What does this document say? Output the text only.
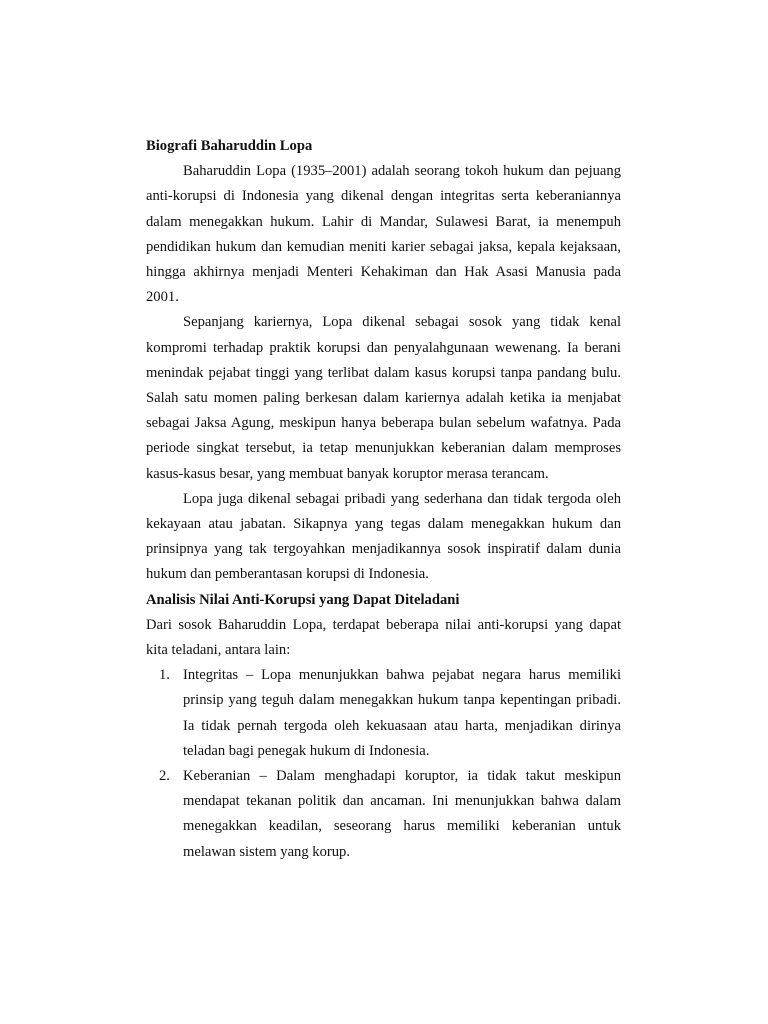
Biografi Baharuddin Lopa

Baharuddin Lopa (1935–2001) adalah seorang tokoh hukum dan pejuang anti-korupsi di Indonesia yang dikenal dengan integritas serta keberaniannya dalam menegakkan hukum. Lahir di Mandar, Sulawesi Barat, ia menempuh pendidikan hukum dan kemudian meniti karier sebagai jaksa, kepala kejaksaan, hingga akhirnya menjadi Menteri Kehakiman dan Hak Asasi Manusia pada 2001.

Sepanjang kariernya, Lopa dikenal sebagai sosok yang tidak kenal kompromi terhadap praktik korupsi dan penyalahgunaan wewenang. Ia berani menindak pejabat tinggi yang terlibat dalam kasus korupsi tanpa pandang bulu. Salah satu momen paling berkesan dalam kariernya adalah ketika ia menjabat sebagai Jaksa Agung, meskipun hanya beberapa bulan sebelum wafatnya. Pada periode singkat tersebut, ia tetap menunjukkan keberanian dalam memproses kasus-kasus besar, yang membuat banyak koruptor merasa terancam.

Lopa juga dikenal sebagai pribadi yang sederhana dan tidak tergoda oleh kekayaan atau jabatan. Sikapnya yang tegas dalam menegakkan hukum dan prinsipnya yang tak tergoyahkan menjadikannya sosok inspiratif dalam dunia hukum dan pemberantasan korupsi di Indonesia.

Analisis Nilai Anti-Korupsi yang Dapat Diteladani

Dari sosok Baharuddin Lopa, terdapat beberapa nilai anti-korupsi yang dapat kita teladani, antara lain:

1. Integritas – Lopa menunjukkan bahwa pejabat negara harus memiliki prinsip yang teguh dalam menegakkan hukum tanpa kepentingan pribadi. Ia tidak pernah tergoda oleh kekuasaan atau harta, menjadikan dirinya teladan bagi penegak hukum di Indonesia.
2. Keberanian – Dalam menghadapi koruptor, ia tidak takut meskipun mendapat tekanan politik dan ancaman. Ini menunjukkan bahwa dalam menegakkan keadilan, seseorang harus memiliki keberanian untuk melawan sistem yang korup.
